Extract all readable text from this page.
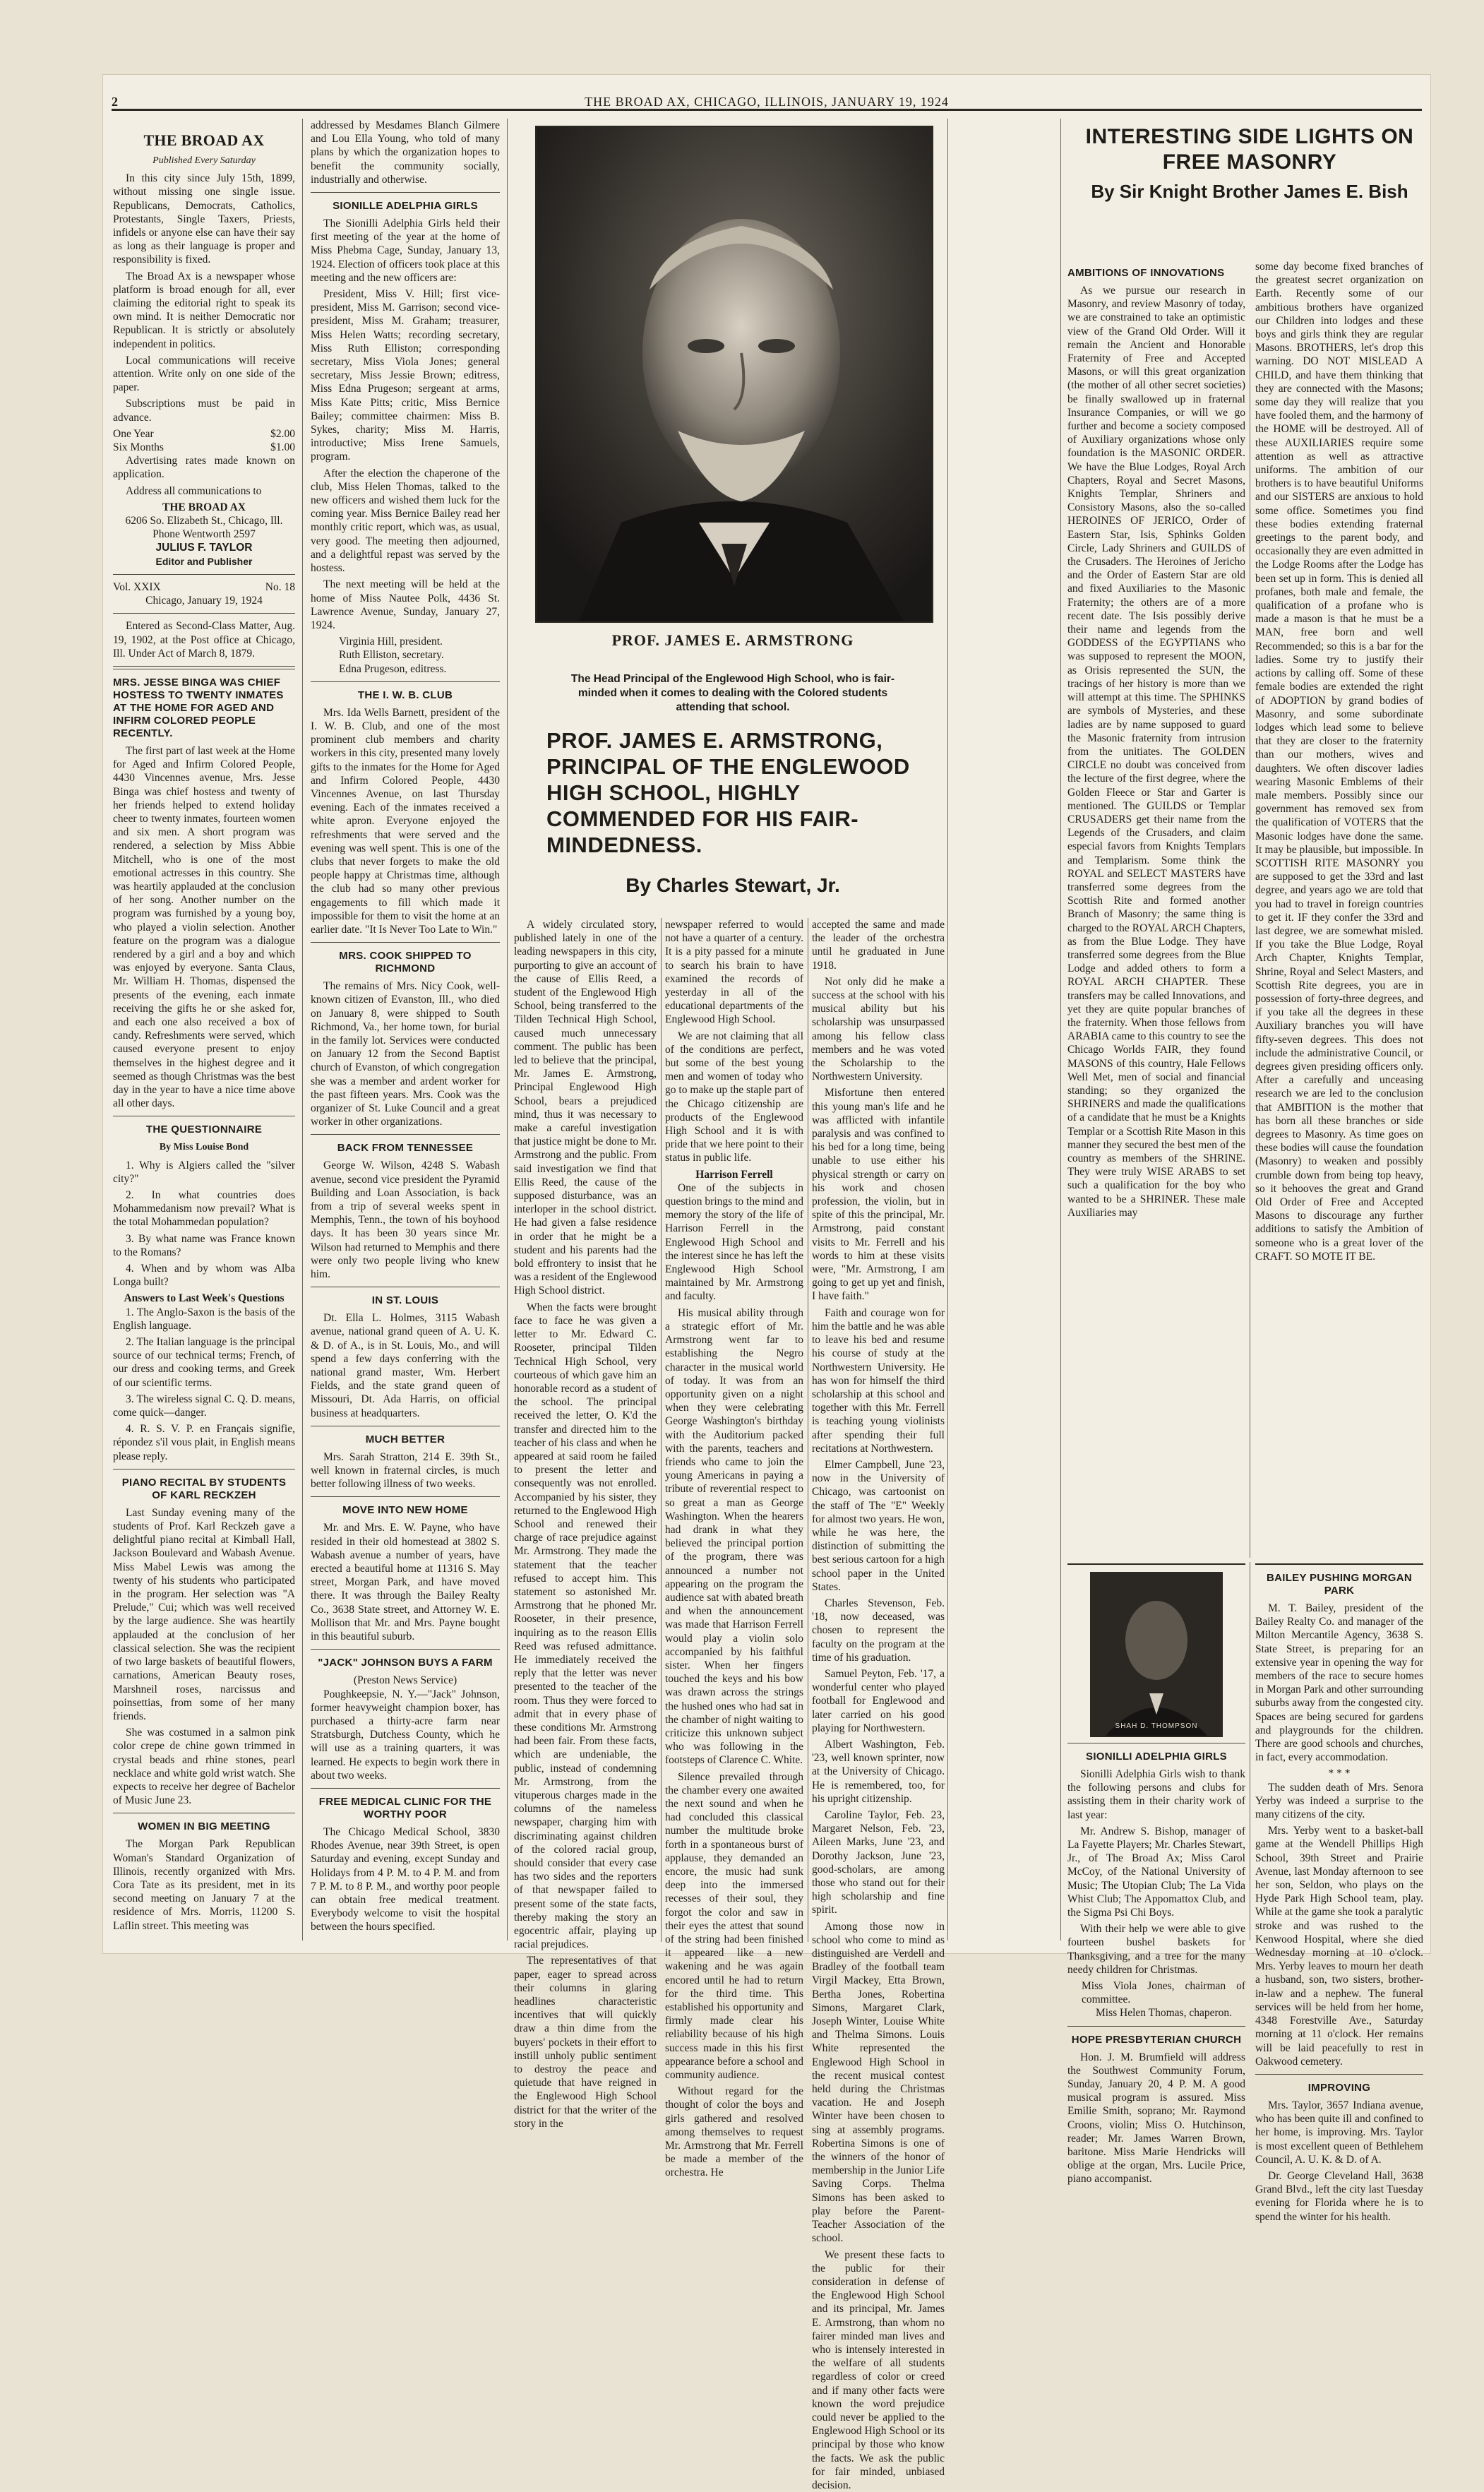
2	THE BROAD AX, CHICAGO, ILLINOIS, JANUARY 19, 1924
THE BROAD AX
Published Every Saturday

In this city since July 15th, 1899, without missing one single issue. Republicans, Democrats, Catholics, Protestants, Single Taxers, Priests, infidels or anyone else can have their say as long as their language is proper and responsibility is fixed.

The Broad Ax is a newspaper whose platform is broad enough for all, ever claiming the editorial right to speak its own mind. It is neither Democratic nor Republican. It is strictly or absolutely independent in politics.

Local communications will receive attention. Write only on one side of the paper.

Subscriptions must be paid in advance.

One Year	$2.00
Six Months	$1.00

Advertising rates made known on application.

Address all communications to

THE BROAD AX
6206 So. Elizabeth St., Chicago, Ill.
Phone Wentworth 2597
JULIUS F. TAYLOR
Editor and Publisher
Vol. XXIX	No. 18
Chicago, January 19, 1924

Entered as Second-Class Matter, Aug. 19, 1902, at the Post office at Chicago, Ill. Under Act of March 8, 1879.

MRS. JESSE BINGA WAS CHIEF HOSTESS TO TWENTY INMATES AT THE HOME FOR AGED AND INFIRM COLORED PEOPLE RECENTLY.

The first part of last week at the Home for Aged and Infirm Colored People, 4430 Vincennes avenue, Mrs. Jesse Binga was chief hostess and twenty of her friends helped to extend holiday cheer to twenty inmates, fourteen women and six men. A short program was rendered, a selection by Miss Abbie Mitchell, who is one of the most emotional actresses in this country. She was heartily applauded at the conclusion of her song. Another number on the program was furnished by a young boy, who played a violin selection. Another feature on the program was a dialogue rendered by a girl and a boy and which was enjoyed by everyone. Santa Claus, Mr. William H. Thomas, dispensed the presents of the evening, each inmate receiving the gifts he or she asked for, and each one also received a box of candy. Refreshments were served, which caused everyone present to enjoy themselves in the highest degree and it seemed as though Christmas was the best day in the year to have a nice time above all other days.

THE QUESTIONNAIRE
By Miss Louise Bond

1. Why is Algiers called the "silver city?"

2. In what countries does Mohammedanism now prevail? What is the total Mohammedan population?

3. By what name was France known to the Romans?

4. When and by whom was Alba Longa built?

Answers to Last Week's Questions

1. The Anglo-Saxon is the basis of the English language.

2. The Italian language is the principal source of our technical terms; French, of our dress and cooking terms, and Greek of our scientific terms.

3. The wireless signal C. Q. D. means, come quick—danger.

4. R. S. V. P. en Français signifie, répondez s'il vous plait, in English means please reply.

PIANO RECITAL BY STUDENTS OF KARL RECKZEH

Last Sunday evening many of the students of Prof. Karl Reckzeh gave a delightful piano recital at Kimball Hall, Jackson Boulevard and Wabash Avenue. Miss Mabel Lewis was among the twenty of his students who participated in the program. Her selection was "A Prelude," Cui; which was well received by the large audience. She was heartily applauded at the conclusion of her classical selection. She was the recipient of two large baskets of beautiful flowers, carnations, American Beauty roses, Marshneil roses, narcissus and poinsettias, from some of her many friends.

She was costumed in a salmon pink color crepe de chine gown trimmed in crystal beads and rhine stones, pearl necklace and white gold wrist watch. She expects to receive her degree of Bachelor of Music June 23.

WOMEN IN BIG MEETING

The Morgan Park Republican Woman's Standard Organization of Illinois, recently organized with Mrs. Cora Tate as its president, met in its second meeting on January 7 at the residence of Mrs. Morris, 11200 S. Laflin street. This meeting was

addressed by Mesdames Blanch Gilmere and Lou Ella Young, who told of many plans by which the organization hopes to benefit the community socially, industrially and otherwise.

SIONILLE ADELPHIA GIRLS

The Sionilli Adelphia Girls held their first meeting of the year at the home of Miss Phebma Cage, Sunday, January 13, 1924. Election of officers took place at this meeting and the new officers are:

President, Miss V. Hill; first vice-president, Miss M. Garrison; second vice-president, Miss M. Graham; treasurer, Miss Helen Watts; recording secretary, Miss Ruth Elliston; corresponding secretary, Miss Viola Jones; general secretary, Miss Jessie Brown; editress, Miss Edna Prugeson; sergeant at arms, Miss Kate Pitts; critic, Miss Bernice Bailey; committee chairmen: Miss B. Sykes, charity; Miss M. Harris, introductive; Miss Irene Samuels, program.

After the election the chaperone of the club, Miss Helen Thomas, talked to the new officers and wished them luck for the coming year. Miss Bernice Bailey read her monthly critic report, which was, as usual, very good. The meeting then adjourned, and a delightful repast was served by the hostess.

The next meeting will be held at the home of Miss Nautee Polk, 4436 St. Lawrence Avenue, Sunday, January 27, 1924.

Virginia Hill, president.
Ruth Elliston, secretary.
Edna Prugeson, editress.
THE I. W. B. CLUB

Mrs. Ida Wells Barnett, president of the I. W. B. Club, and one of the most prominent club members and charity workers in this city, presented many lovely gifts to the inmates for the Home for Aged and Infirm Colored People, 4430 Vincennes Avenue, on last Thursday evening. Each of the inmates received a white apron. Everyone enjoyed the refreshments that were served and the evening was well spent. This is one of the clubs that never forgets to make the old people happy at Christmas time, although the club had so many other previous engagements to fill which made it impossible for them to visit the home at an earlier date. "It Is Never Too Late to Win."

MRS. COOK SHIPPED TO RICHMOND

The remains of Mrs. Nicy Cook, well-known citizen of Evanston, Ill., who died on January 8, were shipped to South Richmond, Va., her home town, for burial in the family lot. Services were conducted on January 12 from the Second Baptist church of Evanston, of which congregation she was a member and ardent worker for the past fifteen years. Mrs. Cook was the organizer of St. Luke Council and a great worker in other organizations.

BACK FROM TENNESSEE

George W. Wilson, 4248 S. Wabash avenue, second vice president the Pyramid Building and Loan Association, is back from a trip of several weeks spent in Memphis, Tenn., the town of his boyhood days. It has been 30 years since Mr. Wilson had returned to Memphis and there were only two people living who knew him.

IN ST. LOUIS

Dt. Ella L. Holmes, 3115 Wabash avenue, national grand queen of A. U. K. & D. of A., is in St. Louis, Mo., and will spend a few days conferring with the national grand master, Wm. Herbert Fields, and the state grand queen of Missouri, Dt. Ada Harris, on official business at headquarters.

MUCH BETTER

Mrs. Sarah Stratton, 214 E. 39th St., well known in fraternal circles, is much better following illness of two weeks.

MOVE INTO NEW HOME

Mr. and Mrs. E. W. Payne, who have resided in their old homestead at 3802 S. Wabash avenue a number of years, have erected a beautiful home at 11316 S. May street, Morgan Park, and have moved there. It was through the Bailey Realty Co., 3638 State street, and Attorney W. E. Mollison that Mr. and Mrs. Payne bought in this beautiful suburb.

"JACK" JOHNSON BUYS A FARM
(Preston News Service)

Poughkeepsie, N. Y.—"Jack" Johnson, former heavyweight champion boxer, has purchased a thirty-acre farm near Stratsburgh, Dutchess County, which he will use as a training quarters, it was learned. He expects to begin work there in about two weeks.

FREE MEDICAL CLINIC FOR THE WORTHY POOR

The Chicago Medical School, 3830 Rhodes Avenue, near 39th Street, is open Saturday and evening, except Sunday and Holidays from 4 P. M. to 4 P. M. and from 7 P. M. to 8 P. M., and worthy poor people can obtain free medical treatment. Everybody welcome to visit the hospital between the hours specified.

PROF. JAMES E. ARMSTRONG
The Head Principal of the Englewood High School, who is fair-minded when it comes to dealing with the Colored students attending that school.
PROF. JAMES E. ARMSTRONG, PRINCIPAL OF THE ENGLEWOOD HIGH SCHOOL, HIGHLY COMMENDED FOR HIS FAIR-MINDEDNESS.
By Charles Stewart, Jr.

A widely circulated story, published lately in one of the leading newspapers in this city, purporting to give an account of the cause of Ellis Reed, a student of the Englewood High School, being transferred to the Tilden Technical High School, caused much unnecessary comment. The public has been led to believe that the principal, Mr. James E. Armstrong, Principal Englewood High School, bears a prejudiced mind, thus it was necessary to make a careful investigation that justice might be done to Mr. Armstrong and the public. From said investigation we find that Ellis Reed, the cause of the supposed disturbance, was an interloper in the school district. He had given a false residence in order that he might be a student and his parents had the bold effrontery to insist that he was a resident of the Englewood High School district.

When the facts were brought face to face he was given a letter to Mr. Edward C. Rooseter, principal Tilden Technical High School, very courteous of which gave him an honorable record as a student of the school. The principal received the letter, O. K'd the transfer and directed him to the teacher of his class and when he appeared at said room he failed to present the letter and consequently was not enrolled. Accompanied by his sister, they returned to the Englewood High School and renewed their charge of race prejudice against Mr. Armstrong. They made the statement that the teacher refused to accept him. This statement so astonished Mr. Armstrong that he phoned Mr. Rooseter, in their presence, inquiring as to the reason Ellis Reed was refused admittance. He immediately received the reply that the letter was never presented to the teacher of the room. Thus they were forced to admit that in every phase of these conditions Mr. Armstrong had been fair. From these facts, which are undeniable, the public, instead of condemning Mr. Armstrong, from the vituperous charges made in the columns of the nameless newspaper, charging him with discriminating against children of the colored racial group, should consider that every case has two sides and the reporters of that newspaper failed to present some of the state facts, thereby making the story an egocentric affair, playing up racial prejudices.

The representatives of that paper, eager to spread across their columns in glaring headlines characteristic incentives that will quickly draw a thin dime from the buyers' pockets in their effort to instill unholy public sentiment to destroy the peace and quietude that have reigned in the Englewood High School district for that the writer of the story in the

newspaper referred to would not have a quarter of a century. It is a pity passed for a minute to search his brain to have examined the records of yesterday in all of the educational departments of the Englewood High School.

We are not claiming that all of the conditions are perfect, but some of the best young men and women of today who go to make up the staple part of the Chicago citizenship are products of the Englewood High School and it is with pride that we here point to their status in public life.

Harrison Ferrell

One of the subjects in question brings to the mind and memory the story of the life of Harrison Ferrell in the Englewood High School and the interest since he has left the Englewood High School maintained by Mr. Armstrong and faculty.

His musical ability through a strategic effort of Mr. Armstrong went far to establishing the Negro character in the musical world of today. It was from an opportunity given on a night when they were celebrating George Washington's birthday with the Auditorium packed with the parents, teachers and friends who came to join the young Americans in paying a tribute of reverential respect to so great a man as George Washington. When the hearers had drank in what they believed the principal portion of the program, there was announced a number not appearing on the program the audience sat with abated breath and when the announcement was made that Harrison Ferrell would play a violin solo accompanied by his faithful sister. When her fingers touched the keys and his bow was drawn across the strings the hushed ones who had sat in the chamber of night waiting to criticize this unknown subject who was following in the footsteps of Clarence C. White.

Silence prevailed through the chamber every one awaited the next sound and when he had concluded this classical number the multitude broke forth in a spontaneous burst of applause, they demanded an encore, the music had sunk deep into the immersed recesses of their soul, they forgot the color and saw in their eyes the attest that sound of the string had been finished it appeared like a new wakening and he was again encored until he had to return for the third time. This established his opportunity and firmly made clear his reliability because of his high success made in this his first appearance before a school and community audience.

Without regard for the thought of color the boys and girls gathered and resolved among themselves to request Mr. Armstrong that Mr. Ferrell be made a member of the orchestra. He

accepted the same and made the leader of the orchestra until he graduated in June 1918.

Not only did he make a success at the school with his musical ability but his scholarship was unsurpassed among his fellow class members and he was voted the Scholarship to the Northwestern University.

Misfortune then entered this young man's life and he was afflicted with infantile paralysis and was confined to his bed for a long time, being unable to use either his physical strength or carry on his work and chosen profession, the violin, but in spite of this the principal, Mr. Armstrong, paid constant visits to Mr. Ferrell and his words to him at these visits were, "Mr. Armstrong, I am going to get up yet and finish, I have faith."

Faith and courage won for him the battle and he was able to leave his bed and resume his course of study at the Northwestern University. He has won for himself the third scholarship at this school and together with this Mr. Ferrell is teaching young violinists after spending their full recitations at Northwestern.

Elmer Campbell, June '23, now in the University of Chicago, was cartoonist on the staff of The "E" Weekly for almost two years. He won, while he was here, the distinction of submitting the best serious cartoon for a high school paper in the United States.

Charles Stevenson, Feb. '18, now deceased, was chosen to represent the faculty on the program at the time of his graduation.

Samuel Peyton, Feb. '17, a wonderful center who played football for Englewood and later carried on his good playing for Northwestern.

Albert Washington, Feb. '23, well known sprinter, now at the University of Chicago. He is remembered, too, for his upright citizenship.

Caroline Taylor, Feb. 23, Margaret Nelson, Feb. '23, Aileen Marks, June '23, and Dorothy Jackson, June '23, good-scholars, are among those who stand out for their high scholarship and fine spirit.

Among those now in school who come to mind as distinguished are Verdell and Bradley of the football team Virgil Mackey, Etta Brown, Bertha Jones, Robertina Simons, Margaret Clark, Joseph Winter, Louise White and Thelma Simons. Louis White represented the Englewood High School in the recent musical contest held during the Christmas vacation. He and Joseph Winter have been chosen to sing at assembly programs. Robertina Simons is one of the winners of the honor of membership in the Junior Life Saving Corps. Thelma Simons has been asked to play before the Parent-Teacher Association of the school.

We present these facts to the public for their consideration in defense of the Englewood High School and its principal, Mr. James E. Armstrong, than whom no fairer minded man lives and who is intensely interested in the welfare of all students regardless of color or creed and if many other facts were known the word prejudice could never be applied to the Englewood High School or its principal by those who know the facts. We ask the public for fair minded, unbiased decision.

INTERESTING SIDE LIGHTS ON FREE MASONRY
By Sir Knight Brother James E. Bish
AMBITIONS OF INNOVATIONS

As we pursue our research in Masonry, and review Masonry of today, we are constrained to take an optimistic view of the Grand Old Order. Will it remain the Ancient and Honorable Fraternity of Free and Accepted Masons, or will this great organization (the mother of all other secret societies) be finally swallowed up in fraternal Insurance Companies, or will we go further and become a society composed of Auxiliary organizations whose only foundation is the MASONIC ORDER. We have the Blue Lodges, Royal Arch Chapters, Royal and Secret Masons, Knights Templar, Shriners and Consistory Masons, also the so-called HEROINES OF JERICO, Order of Eastern Star, Isis, Sphinks Golden Circle, Lady Shriners and GUILDS of the Crusaders. The Heroines of Jericho and the Order of Eastern Star are old and fixed Auxiliaries to the Masonic Fraternity; the others are of a more recent date. The Isis possibly derive their name and legends from the GODDESS of the EGYPTIANS who was supposed to represent the MOON, as Orisis represented the SUN, the tracings of her history is more than we will attempt at this time. The SPHINKS are symbols of Mysteries, and these ladies are by name supposed to guard the Masonic fraternity from intrusion from the unitiates. The GOLDEN CIRCLE no doubt was conceived from the lecture of the first degree, where the Golden Fleece or Star and Garter is mentioned. The GUILDS or Templar CRUSADERS get their name from the Legends of the Crusaders, and claim especial favors from Knights Templars and Templarism. Some think the ROYAL and SELECT MASTERS have transferred some degrees from the Scottish Rite and formed another Branch of Masonry; the same thing is charged to the ROYAL ARCH Chapters, as from the Blue Lodge. They have transferred some degrees from the Blue Lodge and added others to form a ROYAL ARCH CHAPTER. These transfers may be called Innovations, and yet they are quite popular branches of the fraternity. When those fellows from ARABIA came to this country to see the Chicago Worlds FAIR, they found MASONS of this country, Hale Fellows Well Met, men of social and financial standing; so they organized the SHRINERS and made the qualifications of a candidate that he must be a Knights Templar or a Scottish Rite Mason in this manner they secured the best men of the country as members of the SHRINE. They were truly WISE ARABS to set such a qualification for the boy who wanted to be a SHRINER. These male Auxiliaries may

some day become fixed branches of the greatest secret organization on Earth. Recently some of our ambitious brothers have organized our Children into lodges and these boys and girls think they are regular Masons. BROTHERS, let's drop this warning. DO NOT MISLEAD A CHILD, and have them thinking that they are connected with the Masons; some day they will realize that you have fooled them, and the harmony of the HOME will be destroyed. All of these AUXILIARIES require some attention as well as attractive uniforms. The ambition of our brothers is to have beautiful Uniforms and our SISTERS are anxious to hold some office. Sometimes you find these bodies extending fraternal greetings to the parent body, and occasionally they are even admitted in the Lodge Rooms after the Lodge has been set up in form. This is denied all profanes, both male and female, the qualification of a profane who is made a mason is that he must be a MAN, free born and well Recommended; so this is a bar for the ladies. Some try to justify their actions by calling off. Some of these female bodies are extended the right of ADOPTION by grand bodies of Masonry, and some subordinate lodges which lead some to believe that they are closer to the fraternity than our mothers, wives and daughters. We often discover ladies wearing Masonic Emblems of their male members. Possibly since our government has removed sex from the qualification of VOTERS that the Masonic lodges have done the same. It may be plausible, but impossible. In SCOTTISH RITE MASONRY you are supposed to get the 33rd and last degree, and years ago we are told that you had to travel in foreign countries to get it. IF they confer the 33rd and last degree, we are somewhat misled. If you take the Blue Lodge, Royal Arch Chapter, Knights Templar, Shrine, Royal and Select Masters, and Scottish Rite degrees, you are in possession of forty-three degrees, and if you take all the degrees in these Auxiliary branches you will have fifty-seven degrees. This does not include the administrative Council, or degrees given presiding officers only. After a carefully and unceasing research we are led to the conclusion that AMBITION is the mother that has born all these branches or side degrees to Masonry. As time goes on these bodies will cause the foundation (Masonry) to weaken and possibly crumble down from being top heavy, so it behooves the great and Grand Old Order of Free and Accepted Masons to discourage any further additions to satisfy the Ambition of someone who is a great lover of the CRAFT. SO MOTE IT BE.

SHAH D. THOMPSON
SIONILLI ADELPHIA GIRLS

Sionilli Adelphia Girls wish to thank the following persons and clubs for assisting them in their charity work of last year:

Mr. Andrew S. Bishop, manager of La Fayette Players; Mr. Charles Stewart, Jr., of The Broad Ax; Miss Carol McCoy, of the National University of Music; The Utopian Club; The La Vida Whist Club; The Appomattox Club, and the Sigma Psi Chi Boys.

With their help we were able to give fourteen bushel baskets for Thanksgiving, and a tree for the many needy children for Christmas.

Miss Viola Jones, chairman of committee.
Miss Helen Thomas, chaperon.
HOPE PRESBYTERIAN CHURCH

Hon. J. M. Brumfield will address the Southwest Community Forum, Sunday, January 20, 4 P. M. A good musical program is assured. Miss Emilie Smith, soprano; Mr. Raymond Croons, violin; Miss O. Hutchinson, reader; Mr. James Warren Brown, baritone. Miss Marie Hendricks will oblige at the organ, Mrs. Lucile Price, piano accompanist.

BAILEY PUSHING MORGAN PARK

M. T. Bailey, president of the Bailey Realty Co. and manager of the Milton Mercantile Agency, 3638 S. State Street, is preparing for an extensive year in opening the way for members of the race to secure homes in Morgan Park and other surrounding suburbs away from the congested city. Spaces are being secured for gardens and playgrounds for the children. There are good schools and churches, in fact, every accommodation.

* * *

The sudden death of Mrs. Senora Yerby was indeed a surprise to the many citizens of the city.

Mrs. Yerby went to a basket-ball game at the Wendell Phillips High School, 39th Street and Prairie Avenue, last Monday afternoon to see her son, Seldon, who plays on the Hyde Park High School team, play. While at the game she took a paralytic stroke and was rushed to the Kenwood Hospital, where she died Wednesday morning at 10 o'clock. Mrs. Yerby leaves to mourn her death a husband, son, two sisters, brother-in-law and a nephew. The funeral services will be held from her home, 4348 Forestville Ave., Saturday morning at 11 o'clock. Her remains will be laid peacefully to rest in Oakwood cemetery.

IMPROVING

Mrs. Taylor, 3657 Indiana avenue, who has been quite ill and confined to her home, is improving. Mrs. Taylor is most excellent queen of Bethlehem Council, A. U. K. & D. of A.

Dr. George Cleveland Hall, 3638 Grand Blvd., left the city last Tuesday evening for Florida where he is to spend the winter for his health.
